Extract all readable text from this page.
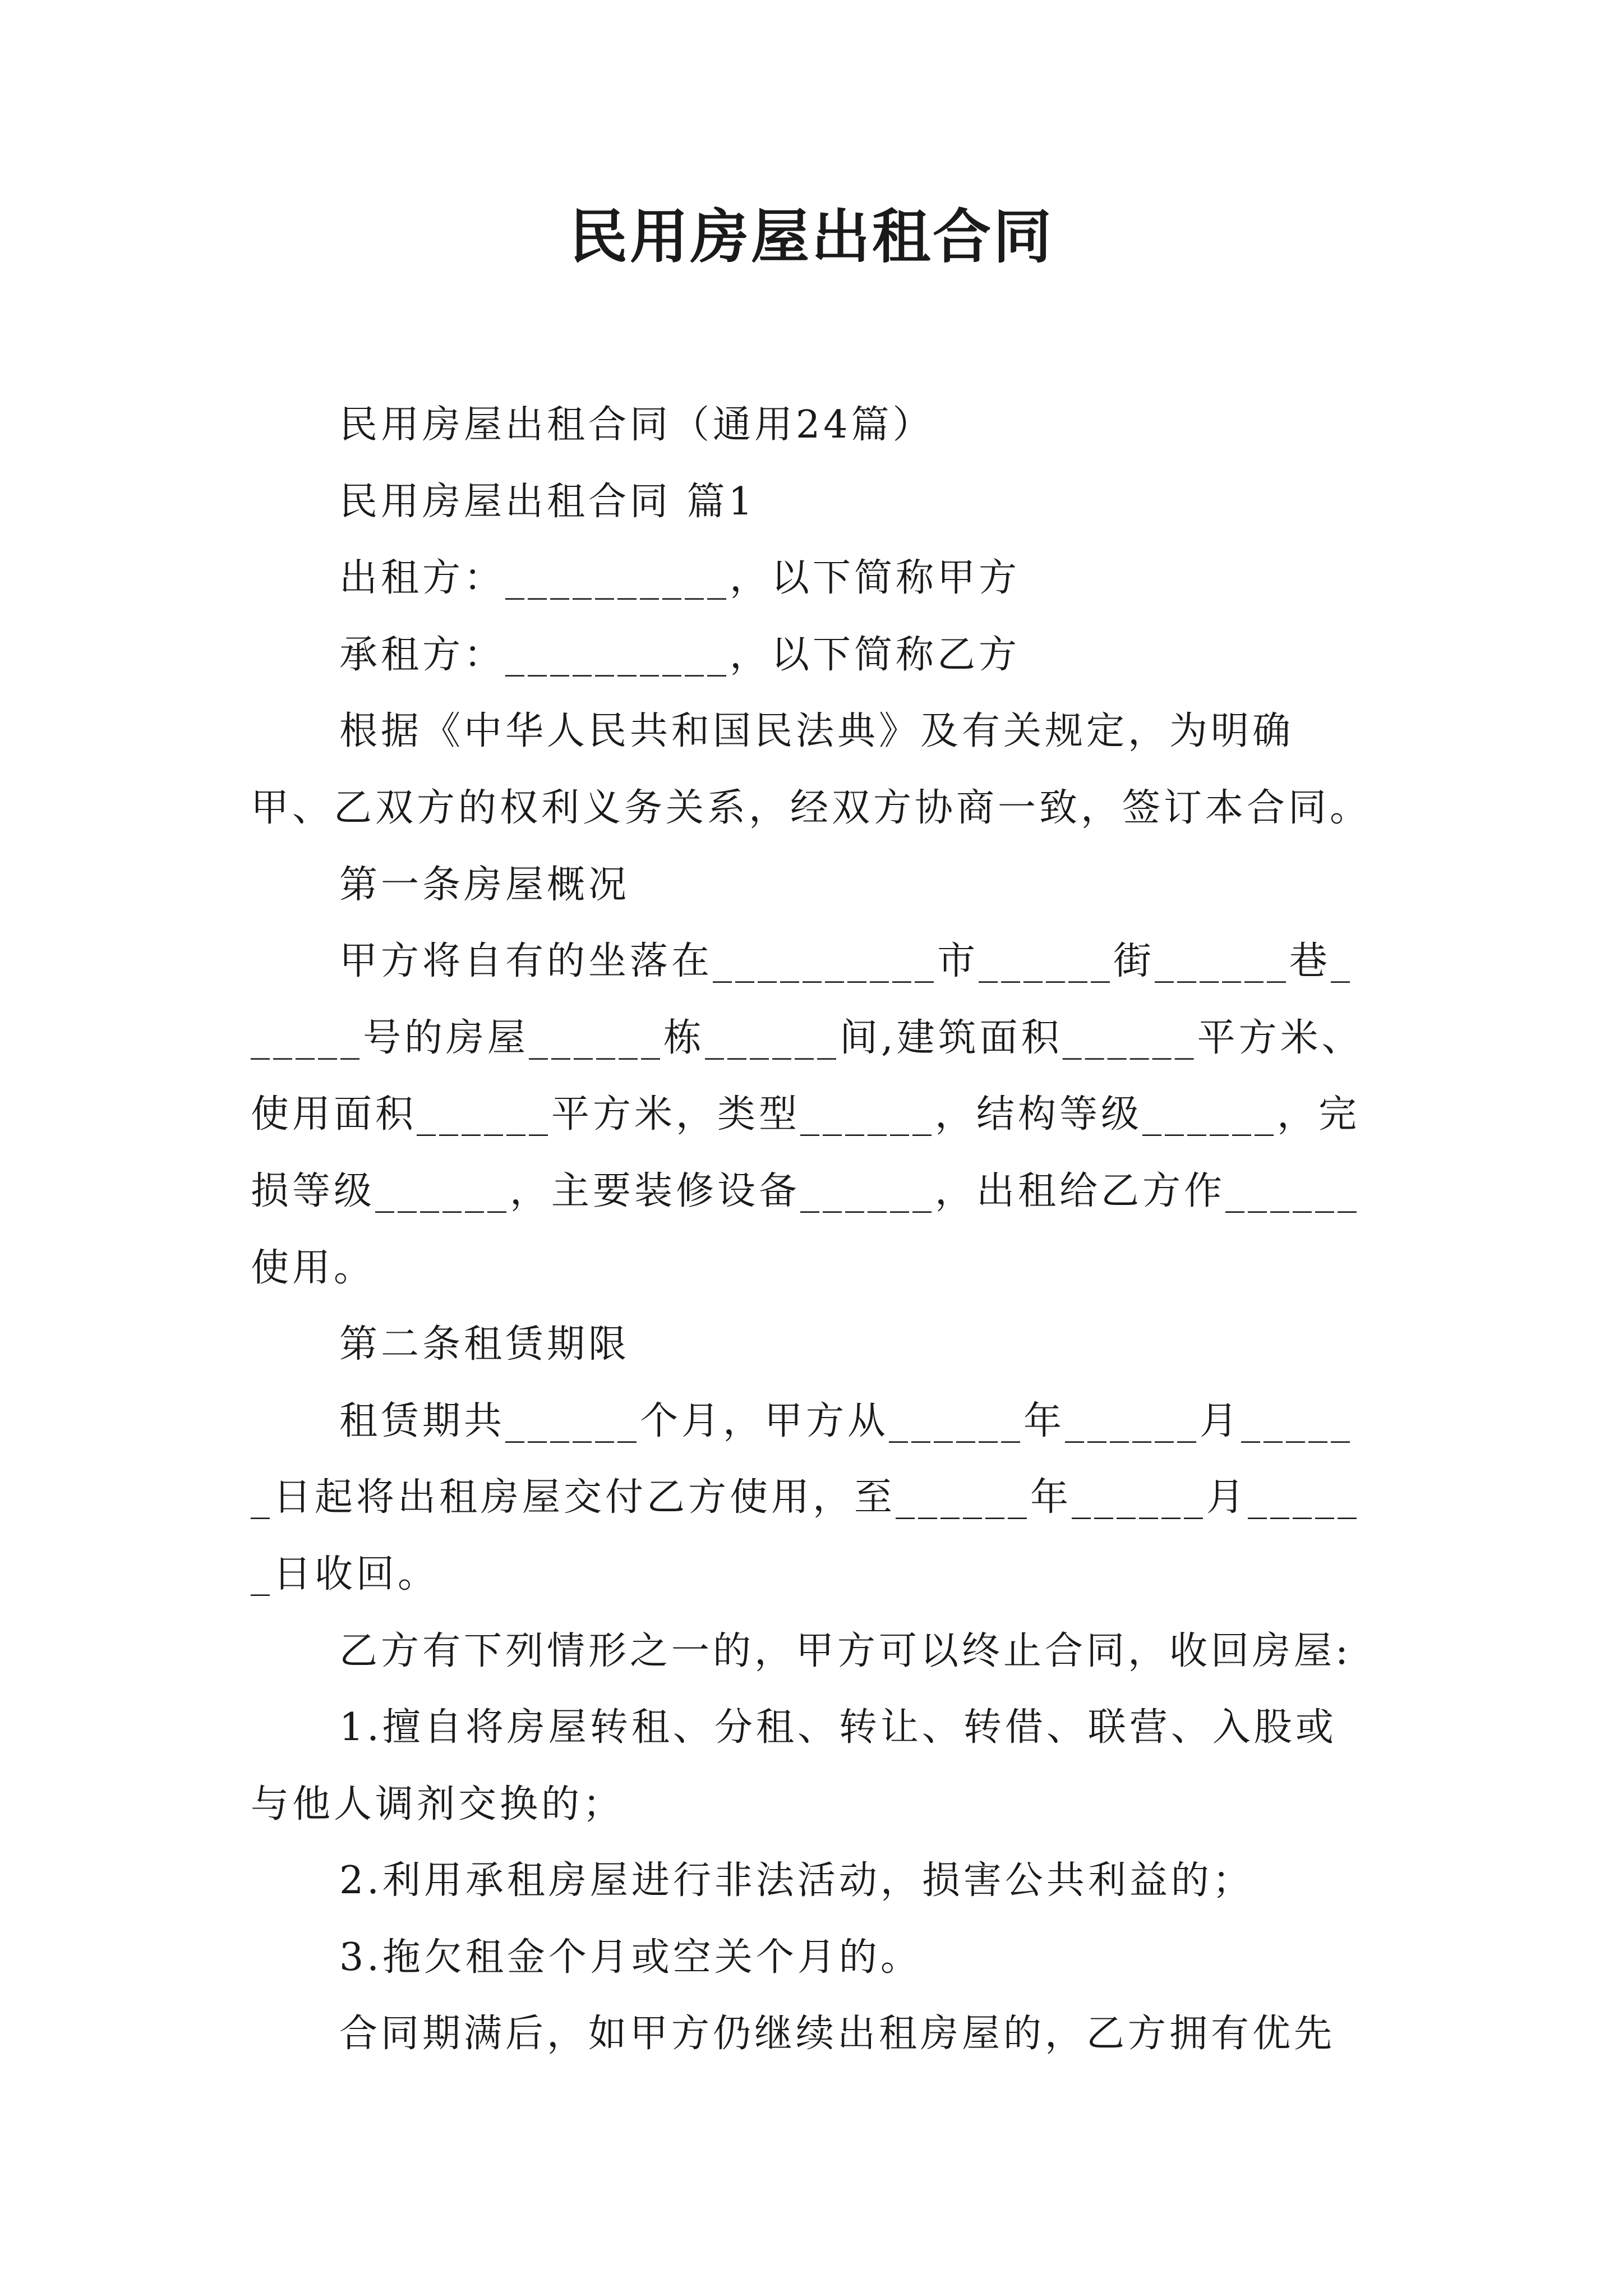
民用房屋出租合同

民用房屋出租合同（通用24篇）

民用房屋出租合同 篇1

出租方：__________，以下简称甲方

承租方：__________，以下简称乙方

根据《中华人民共和国民法典》及有关规定，为明确甲、乙双方的权利义务关系，经双方协商一致，签订本合同。

第一条房屋概况

甲方将自有的坐落在__________市______街______巷______号的房屋______栋______间,建筑面积______平方米、使用面积______平方米，类型______，结构等级______，完损等级______，主要装修设备______，出租给乙方作______使用。

第二条租赁期限

租赁期共______个月，甲方从______年______月______日起将出租房屋交付乙方使用，至______年______月______日收回。

乙方有下列情形之一的，甲方可以终止合同，收回房屋:

1.擅自将房屋转租、分租、转让、转借、联营、入股或与他人调剂交换的；

2.利用承租房屋进行非法活动，损害公共利益的；

3.拖欠租金个月或空关个月的。

合同期满后，如甲方仍继续出租房屋的，乙方拥有优先
